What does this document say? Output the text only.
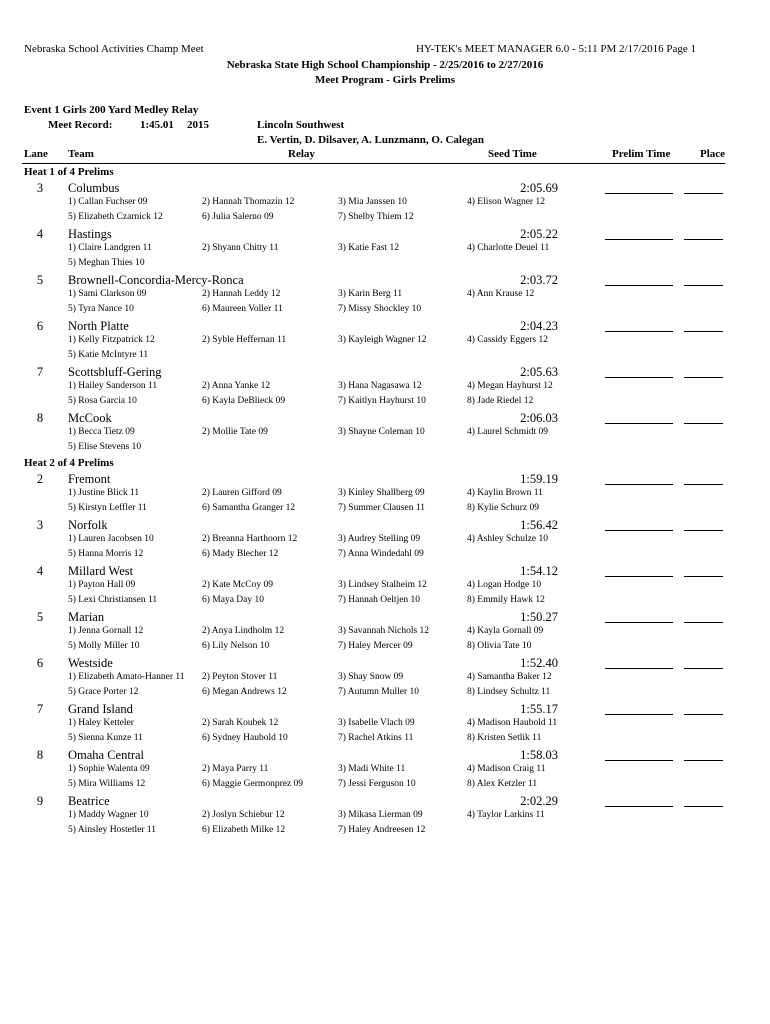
Nebraska School Activities Champ Meet	HY-TEK's MEET MANAGER 6.0 - 5:11 PM 2/17/2016 Page 1
Nebraska State High School Championship - 2/25/2016 to 2/27/2016
Meet Program - Girls Prelims
Event 1 Girls 200 Yard Medley Relay
Meet Record:	1:45.01 2015	Lincoln Southwest
E. Vertin, D. Dilsaver, A. Lunzmann, O. Calegan
Lane Team	Relay	Seed Time	Prelim Time	Place
Heat 1 of 4 Prelims
3	Columbus	2:05.69
1) Callan Fuchser 09	2) Hannah Thomazin 12	3) Mia Janssen 10	4) Elison Wagner 12
5) Elizabeth Czarnick 12	6) Julia Salerno 09	7) Shelby Thiem 12
4	Hastings	2:05.22
1) Claire Landgren 11	2) Shyann Chitty 11	3) Katie Fast 12	4) Charlotte Deuel 11
5) Meghan Thies 10
5	Brownell-Concordia-Mercy-Ronca	2:03.72
1) Sami Clarkson 09	2) Hannah Leddy 12	3) Karin Berg 11	4) Ann Krause 12
5) Tyra Nance 10	6) Maureen Voller 11	7) Missy Shockley 10
6	North Platte	2:04.23
1) Kelly Fitzpatrick 12	2) Syble Heffernan 11	3) Kayleigh Wagner 12	4) Cassidy Eggers 12
5) Katie McIntyre 11
7	Scottsbluff-Gering	2:05.63
1) Hailey Sanderson 11	2) Anna Yanke 12	3) Hana Nagasawa 12	4) Megan Hayhurst 12
5) Rosa Garcia 10	6) Kayla DeBlieck 09	7) Kaitlyn Hayhurst 10	8) Jade Riedel 12
8	McCook	2:06.03
1) Becca Tietz 09	2) Mollie Tate 09	3) Shayne Coleman 10	4) Laurel Schmidt 09
5) Elise Stevens 10
Heat 2 of 4 Prelims
2	Fremont	1:59.19
1) Justine Blick 11	2) Lauren Gifford 09	3) Kinley Shallberg 09	4) Kaylin Brown 11
5) Kirstyn Leffler 11	6) Samantha Granger 12	7) Summer Clausen 11	8) Kylie Schurz 09
3	Norfolk	1:56.42
1) Lauren Jacobsen 10	2) Breanna Harthoorn 12	3) Audrey Stelling 09	4) Ashley Schulze 10
5) Hanna Morris 12	6) Mady Blecher 12	7) Anna Windedahl 09
4	Millard West	1:54.12
1) Payton Hall 09	2) Kate McCoy 09	3) Lindsey Stalheim 12	4) Logan Hodge 10
5) Lexi Christiansen 11	6) Maya Day 10	7) Hannah Oeltjen 10	8) Emmily Hawk 12
5	Marian	1:50.27
1) Jenna Gornall 12	2) Anya Lindholm 12	3) Savannah Nichols 12	4) Kayla Gornall 09
5) Molly Miller 10	6) Lily Nelson 10	7) Haley Mercer 09	8) Olivia Tate 10
6	Westside	1:52.40
1) Elizabeth Amato-Hanner 11 2) Peyton Stover 11	3) Shay Snow 09	4) Samantha Baker 12
5) Grace Porter 12	6) Megan Andrews 12	7) Autumn Muller 10	8) Lindsey Schultz 11
7	Grand Island	1:55.17
1) Haley Ketteler	2) Sarah Koubek 12	3) Isabelle Vlach 09	4) Madison Haubold 11
5) Sienna Kunze 11	6) Sydney Haubold 10	7) Rachel Atkins 11	8) Kristen Setlik 11
8	Omaha Central	1:58.03
1) Sophie Walenta 09	2) Maya Parry 11	3) Madi White 11	4) Madison Craig 11
5) Mira Williams 12	6) Maggie Germonprez 09	7) Jessi Ferguson 10	8) Alex Ketzler 11
9	Beatrice	2:02.29
1) Maddy Wagner 10	2) Joslyn Schiebur 12	3) Mikasa Lierman 09	4) Taylor Larkins 11
5) Ainsley Hostetler 11	6) Elizabeth Milke 12	7) Haley Andreesen 12
